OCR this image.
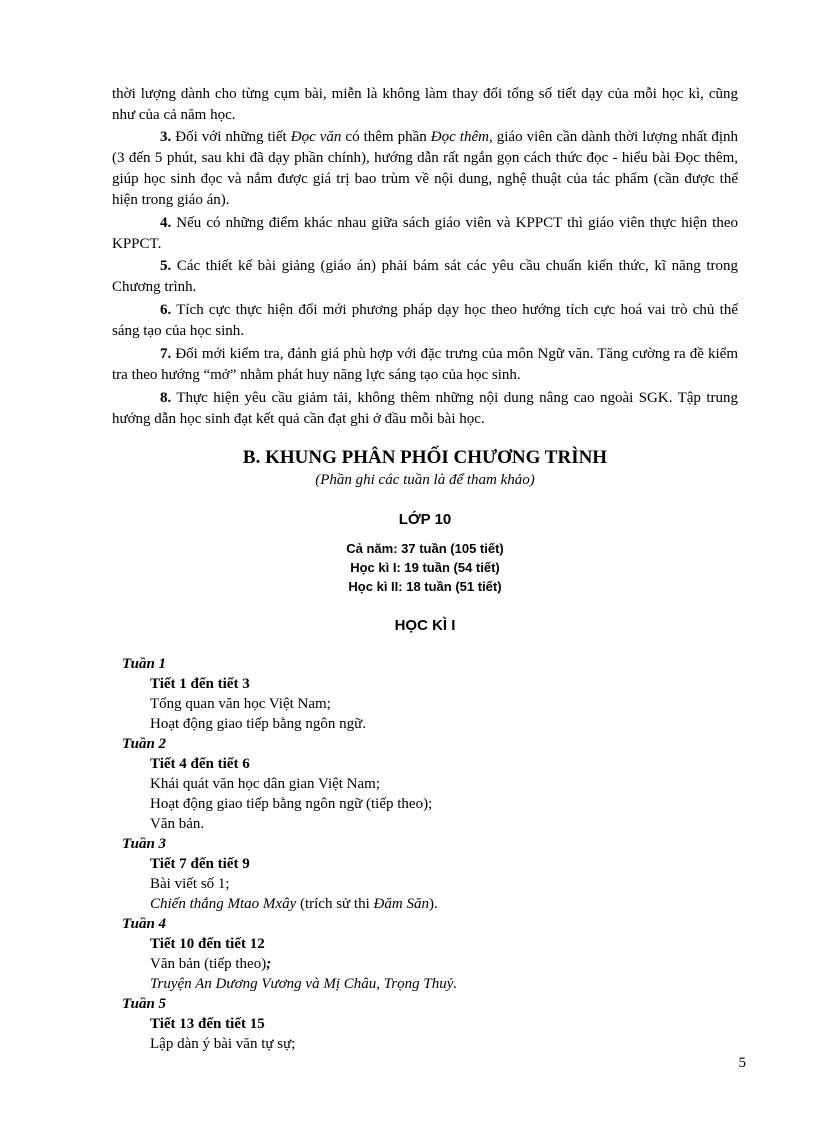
thời lượng dành cho từng cụm bài, miễn là không làm thay đổi tổng số tiết dạy của mỗi học kì, cũng như của cả năm học.

3. Đối với những tiết Đọc văn có thêm phần Đọc thêm, giáo viên cần dành thời lượng nhất định (3 đến 5 phút, sau khi đã dạy phần chính), hướng dẫn rất ngắn gọn cách thức đọc - hiểu bài Đọc thêm, giúp học sinh đọc và nắm được giá trị bao trùm về nội dung, nghệ thuật của tác phẩm (cần được thể hiện trong giáo án).

4. Nếu có những điểm khác nhau giữa sách giáo viên và KPPCT thì giáo viên thực hiện theo KPPCT.

5. Các thiết kế bài giảng (giáo án) phải bám sát các yêu cầu chuẩn kiến thức, kĩ năng trong Chương trình.

6. Tích cực thực hiện đổi mới phương pháp dạy học theo hướng tích cực hoá vai trò chủ thể sáng tạo của học sinh.

7. Đổi mới kiểm tra, đánh giá phù hợp với đặc trưng của môn Ngữ văn. Tăng cường ra đề kiểm tra theo hướng “mở” nhằm phát huy năng lực sáng tạo của học sinh.

8. Thực hiện yêu cầu giảm tải, không thêm những nội dung nâng cao ngoài SGK. Tập trung hướng dẫn học sinh đạt kết quả cần đạt ghi ở đầu mỗi bài học.

B. KHUNG PHÂN PHỐI CHƯƠNG TRÌNH

(Phần ghi các tuần là để tham khảo)

LỚP 10
Cả năm: 37 tuần (105 tiết)
Học kì I: 19 tuần (54 tiết)
Học kì II: 18 tuần (51 tiết)
HỌC KÌ I
Tuần 1
Tiết 1 đến tiết 3
Tổng quan văn học Việt Nam;
Hoạt động giao tiếp bằng ngôn ngữ.
Tuần 2
Tiết 4 đến tiết 6
Khái quát văn học dân gian Việt Nam;
Hoạt động giao tiếp bằng ngôn ngữ (tiếp theo);
Văn bản.
Tuần 3
Tiết 7 đến tiết 9
Bài viết số 1;
Chiến thắng Mtao Mxây (trích sử thi Đăm Săn).
Tuần 4
Tiết 10 đến tiết 12
Văn bản (tiếp theo);
Truyện An Dương Vương và Mị Châu, Trọng Thuỷ.
Tuần 5
Tiết 13 đến tiết 15
Lập dàn ý bài văn tự sự;
5
